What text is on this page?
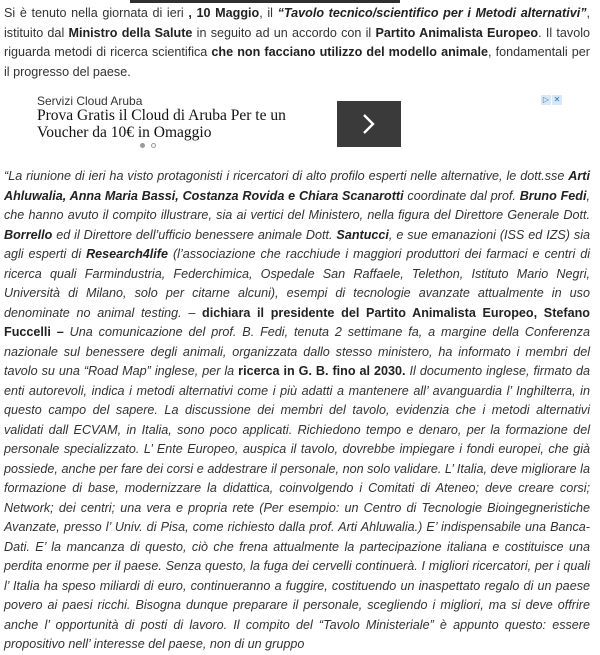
Si è tenuto nella giornata di ieri , 10 Maggio, il “Tavolo tecnico/scientifico per i Metodi alternativi”, istituito dal Ministro della Salute in seguito ad un accordo con il Partito Animalista Europeo. Il tavolo riguarda metodi di ricerca scientifica che non facciano utilizzo del modello animale, fondamentali per il progresso del paese.

Servizi Cloud Aruba
Prova Gratis il Cloud di Aruba Per te un Voucher da 10€ in Omaggio
▷ ✕

“La riunione di ieri ha visto protagonisti i ricercatori di alto profilo esperti nelle alternative, le dott.sse Arti Ahluwalia, Anna Maria Bassi, Costanza Rovida e Chiara Scanarotti coordinate dal prof. Bruno Fedi, che hanno avuto il compito illustrare, sia ai vertici del Ministero, nella figura del Direttore Generale Dott. Borrello ed il Direttore dell’ufficio benessere animale Dott. Santucci, e sue emanazioni (ISS ed IZS) sia agli esperti di Research4life (l’associazione che racchiude i maggiori produttori dei farmaci e centri di ricerca quali Farmindustria, Federchimica, Ospedale San Raffaele, Telethon, Istituto Mario Negri, Università di Milano, solo per citarne alcuni), esempi di tecnologie avanzate attualmente in uso denominate no animal testing. – dichiara il presidente del Partito Animalista Europeo, Stefano Fuccelli – Una comunicazione del prof. B. Fedi, tenuta 2 settimane fa, a margine della Conferenza nazionale sul benessere degli animali, organizzata dallo stesso ministero, ha informato i membri del tavolo su una “Road Map” inglese, per la ricerca in G. B. fino al 2030. Il documento inglese, firmato da enti autorevoli, indica i metodi alternativi come i più adatti a mantenere all’ avanguardia l’ Inghilterra, in questo campo del sapere. La discussione dei membri del tavolo, evidenzia che i metodi alternativi validati dall ECVAM, in Italia, sono poco applicati. Richiedono tempo e denaro, per la formazione del personale specializzato. L’ Ente Europeo, auspica il tavolo, dovrebbe impiegare i fondi europei, che già possiede, anche per fare dei corsi e addestrare il personale, non solo validare. L’ Italia, deve migliorare la formazione di base, modernizzare la didattica, coinvolgendo i Comitati di Ateneo; deve creare corsi; Network; dei centri; una vera e propria rete (Per esempio: un Centro di Tecnologie Bioingegneristiche Avanzate, presso l’ Univ. di Pisa, come richiesto dalla prof. Arti Ahluwalia.) E’ indispensabile una Banca-Dati. E’ la mancanza di questo, ciò che frena attualmente la partecipazione italiana e costituisce una perdita enorme per il paese. Senza questo, la fuga dei cervelli continuerà. I migliori ricercatori, per i quali l’ Italia ha speso miliardi di euro, continueranno a fuggire, costituendo un inaspettato regalo di un paese povero ai paesi ricchi. Bisogna dunque preparare il personale, scegliendo i migliori, ma si deve offrire anche l’ opportunità di posti di lavoro. Il compito del “Tavolo Ministeriale” è appunto questo: essere propositivo nell’ interesse del paese, non di un gruppo
